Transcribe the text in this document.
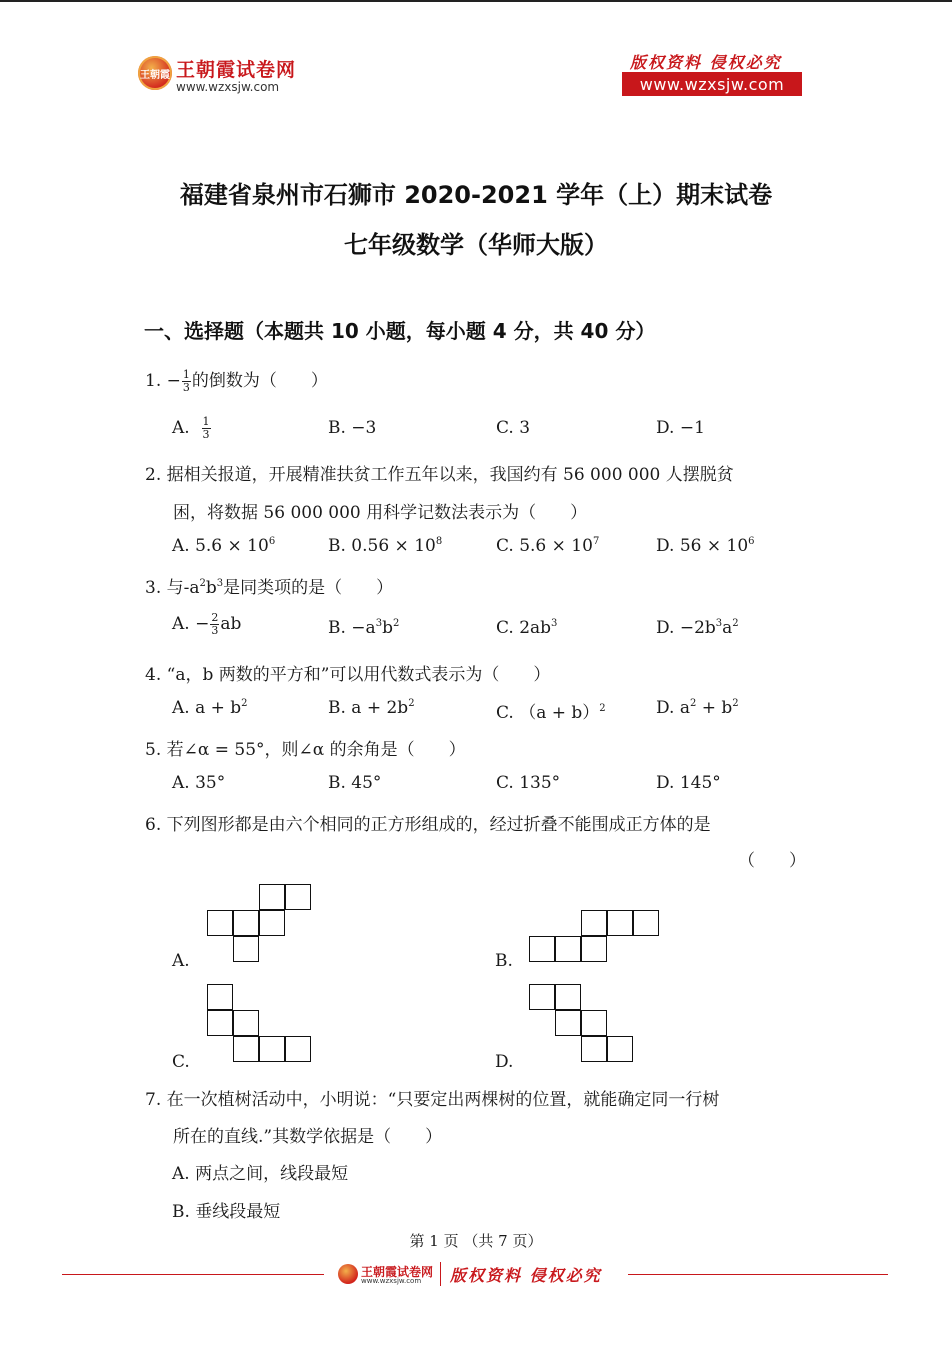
王朝霞 王朝霞试卷网
www.wzxsjw.com
版权资料 侵权必究
www.wzxsjw.com
福建省泉州市石狮市 2020-2021 学年（上）期末试卷
七年级数学（华师大版）
一、选择题（本题共 10 小题，每小题 4 分，共 40 分）
1. − $\frac{1}{3}$ 的倒数为（　　）
A. $\frac{1}{3}$	B. −3	C. 3	D. −1
2. 据相关报道，开展精准扶贫工作五年以来，我国约有 56 000 000 人摆脱贫
困，将数据 56 000 000 用科学记数法表示为（　　）
A. $5.6 \times 10^6$	B. $0.56 \times 10^8$	C. $5.6 \times 10^7$	D. $56 \times 10^6$
3. 与$-a^2b^3$是同类项的是（　　）
A. − $\frac{2}{3}$ ab	B. $-a^3b^2$	C. $2ab^3$	D. $-2b^3a^2$
4. “a，b 两数的平方和”可以用代数式表示为（　　）
A. $a + b^2$	B. $a + 2b^2$	C. $(a + b)^2$	D. $a^2 + b^2$
5. 若∠α = 55°，则∠α 的余角是（　　）
A. 35°	B. 45°	C. 135°	D. 145°
6. 下列图形都是由六个相同的正方形组成的，经过折叠不能围成正方体的是
（　　）
A.	B.
C.	D.
7. 在一次植树活动中，小明说：“只要定出两棵树的位置，就能确定同一行树
所在的直线.”其数学依据是（　　）
A. 两点之间，线段最短
B. 垂线段最短
第 1 页 （共 7 页）
王朝霞试卷网
www.wzxsjw.com 版权资料 侵权必究
